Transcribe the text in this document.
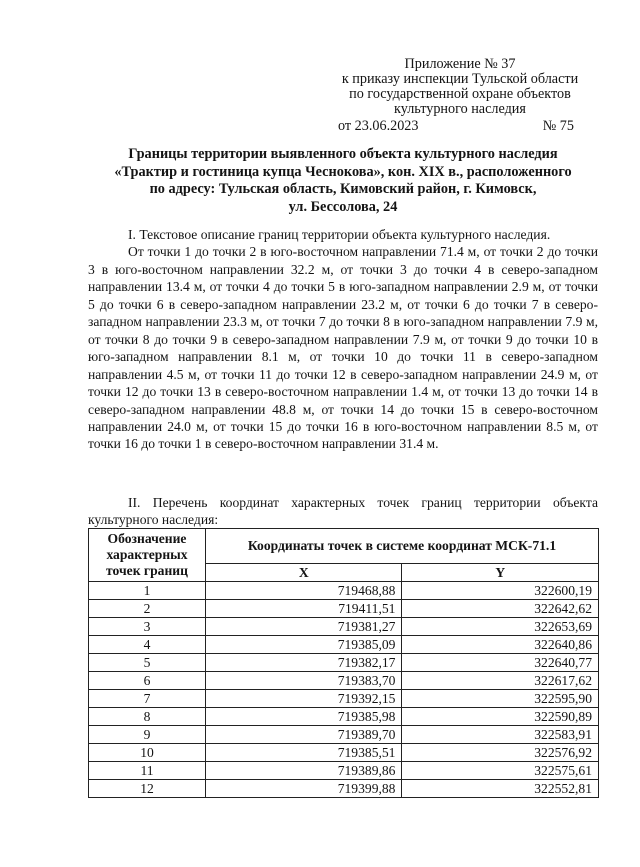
Приложение № 37
к приказу инспекции Тульской области
по государственной охране объектов
культурного наследия
от 23.06.2023	№ 75
Границы территории выявленного объекта культурного наследия
«Трактир и гостиница купца Чеснокова», кон. XIX в., расположенного
по адресу: Тульская область, Кимовский район, г. Кимовск,
ул. Бессолова, 24

I. Текстовое описание границ территории объекта культурного наследия.

От точки 1 до точки 2 в юго-восточном направлении 71.4 м, от точки 2 до точки 3 в юго-восточном направлении 32.2 м, от точки 3 до точки 4 в северо-западном направлении 13.4 м, от точки 4 до точки 5 в юго-западном направлении 2.9 м, от точки 5 до точки 6 в северо-западном направлении 23.2 м, от точки 6 до точки 7 в северо-западном направлении 23.3 м, от точки 7 до точки 8 в юго-западном направлении 7.9 м, от точки 8 до точки 9 в северо-западном направлении 7.9 м, от точки 9 до точки 10 в юго-западном направлении 8.1 м, от точки 10 до точки 11 в северо-западном направлении 4.5 м, от точки 11 до точки 12 в северо-западном направлении 24.9 м, от точки 12 до точки 13 в северо-восточном направлении 1.4 м, от точки 13 до точки 14 в северо-западном направлении 48.8 м, от точки 14 до точки 15 в северо-восточном направлении 24.0 м, от точки 15 до точки 16 в юго-восточном направлении 8.5 м, от точки 16 до точки 1 в северо-восточном направлении 31.4 м.

II. Перечень координат характерных точек границ территории объекта культурного наследия:

Обозначение характерных точек границ	Координаты точек в системе координат МСК-71.1	
	X	Y
1	719468,88	322600,19
2	719411,51	322642,62
3	719381,27	322653,69
4	719385,09	322640,86
5	719382,17	322640,77
6	719383,70	322617,62
7	719392,15	322595,90
8	719385,98	322590,89
9	719389,70	322583,91
10	719385,51	322576,92
11	719389,86	322575,61
12	719399,88	322552,81
